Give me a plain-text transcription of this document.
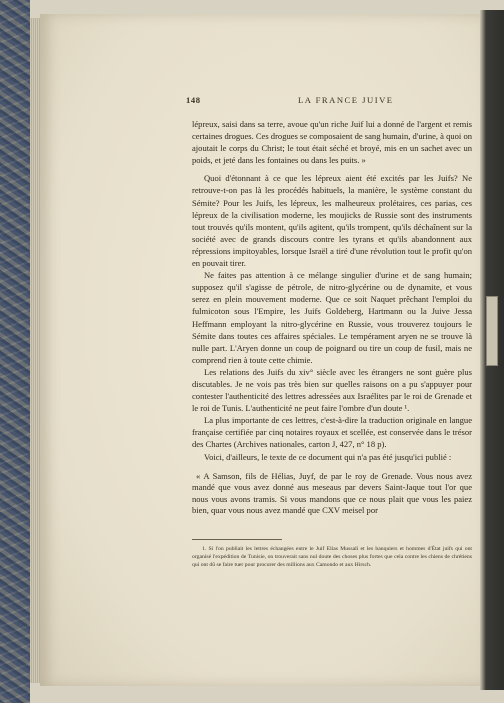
148	LA FRANCE JUIVE

lépreux, saisi dans sa terre, avoue qu'un riche Juif lui a donné de l'argent et remis certaines drogues. Ces drogues se composaient de sang humain, d'urine, à quoi on ajoutait le corps du Christ; le tout était séché et broyé, mis en un sachet avec un poids, et jeté dans les fontaines ou dans les puits. »

Quoi d'étonnant à ce que les lépreux aient été excités par les Juifs? Ne retrouve-t-on pas là les procédés habituels, la manière, le système constant du Sémite? Pour les Juifs, les lépreux, les malheureux prolétaires, ces parias, ces lépreux de la civilisation moderne, les moujicks de Russie sont des instruments tout trouvés qu'ils montent, qu'ils agitent, qu'ils trompent, qu'ils déchaînent sur la société avec de grands discours contre les tyrans et qu'ils abandonnent aux répressions impitoyables, lorsque Israël a tiré d'une révolution tout le profit qu'on en pouvait tirer.

Ne faites pas attention à ce mélange singulier d'urine et de sang humain; supposez qu'il s'agisse de pétrole, de nitro-glycérine ou de dynamite, et vous serez en plein mouvement moderne. Que ce soit Naquet prêchant l'emploi du fulmicoton sous l'Empire, les Juifs Goldeberg, Hartmann ou la Juive Jessa Heffmann employant la nitro-glycérine en Russie, vous trouverez toujours le Sémite dans toutes ces affaires spéciales. Le tempérament aryen ne se trouve là nulle part. L'Aryen donne un coup de poignard ou tire un coup de fusil, mais ne comprend rien à toute cette chimie.

Les relations des Juifs du xiv° siècle avec les étrangers ne sont guère plus discutables. Je ne vois pas très bien sur quelles raisons on a pu s'appuyer pour contester l'authenticité des lettres adressées aux Israélites par le roi de Grenade et le roi de Tunis. L'authenticité ne peut faire l'ombre d'un doute ¹.

La plus importante de ces lettres, c'est-à-dire la traduction originale en langue française certifiée par cinq notaires royaux et scellée, est conservée dans le trésor des Chartes (Archives nationales, carton J, 427, n° 18 p).

Voici, d'ailleurs, le texte de ce document qui n'a pas été jusqu'ici publié :

« A Samson, fils de Hélias, Juyf, de par le roy de Grenade. Vous nous avez mandé que vous avez donné aus meseaus par devers Saint-Jaque tout l'or que nous vous avons tramis. Si vous mandons que ce nous plait que vous les paiez bien, quar vous nous avez mandé que CXV meisel por

1. Si l'on publiait les lettres échangées entre le Juif Elias Mussali et les banquiers et hommes d'État juifs qui ont organisé l'expédition de Tunisie, on trouverait sans nul doute des choses plus fortes que cela contre les chiens de chrétiens qui ont dû se faire tuer pour procurer des millions aux Camondo et aux Hirsch.
